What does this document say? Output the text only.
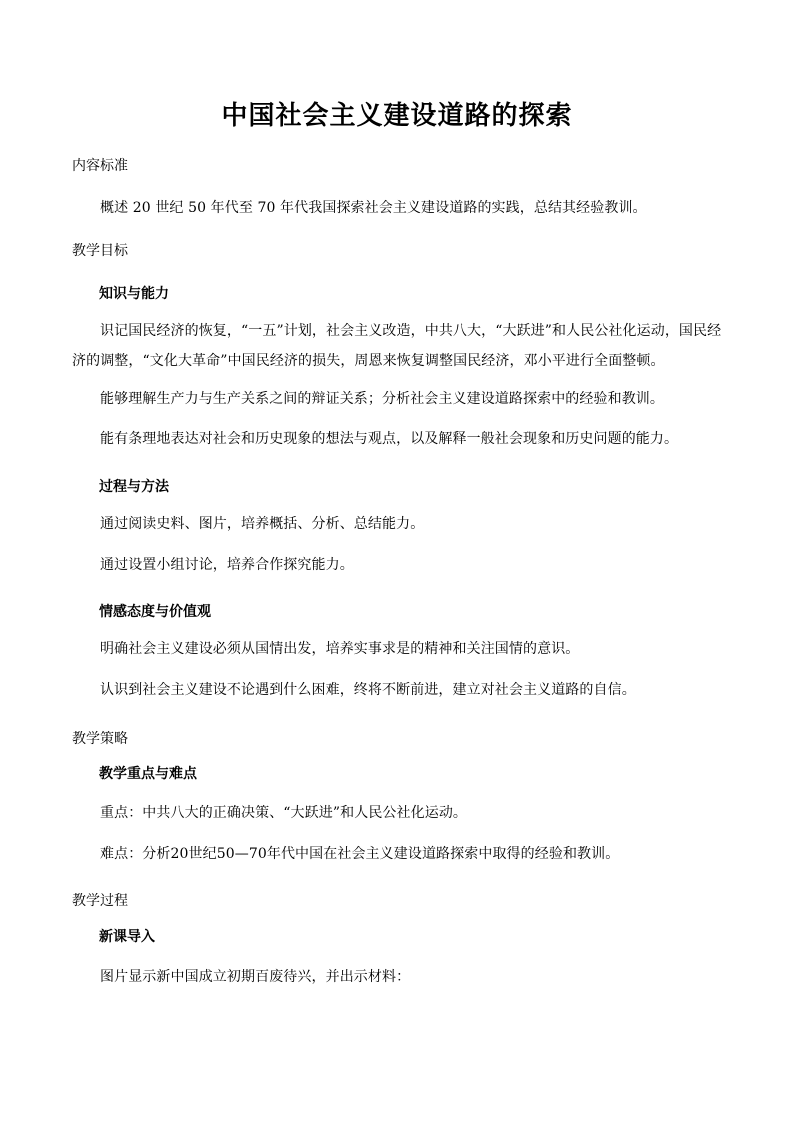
中国社会主义建设道路的探索
内容标准

概述 20 世纪 50 年代至 70 年代我国探索社会主义建设道路的实践，总结其经验教训。

教学目标
知识与能力

识记国民经济的恢复，“一五”计划，社会主义改造，中共八大，“大跃进”和人民公社化运动，国民经济的调整，“文化大革命”中国民经济的损失，周恩来恢复调整国民经济，邓小平进行全面整顿。

能够理解生产力与生产关系之间的辩证关系；分析社会主义建设道路探索中的经验和教训。

能有条理地表达对社会和历史现象的想法与观点，以及解释一般社会现象和历史问题的能力。

过程与方法

通过阅读史料、图片，培养概括、分析、总结能力。

通过设置小组讨论，培养合作探究能力。

情感态度与价值观

明确社会主义建设必须从国情出发，培养实事求是的精神和关注国情的意识。

认识到社会主义建设不论遇到什么困难，终将不断前进，建立对社会主义道路的自信。

教学策略
教学重点与难点

重点：中共八大的正确决策、“大跃进”和人民公社化运动。

难点：分析20世纪50—70年代中国在社会主义建设道路探索中取得的经验和教训。

教学过程
新课导入

图片显示新中国成立初期百废待兴，并出示材料：
